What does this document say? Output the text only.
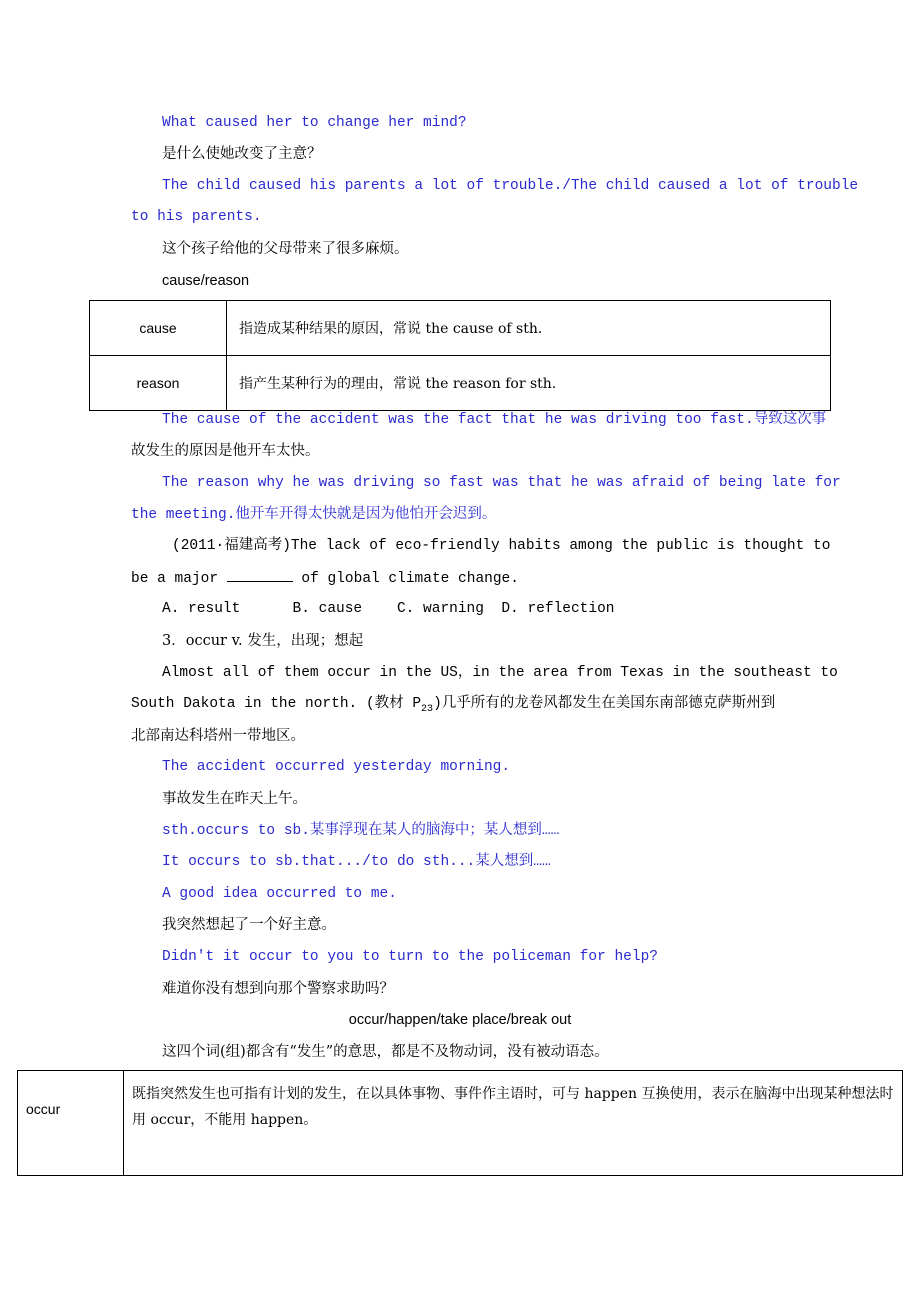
What caused her to change her mind?
是什么使她改变了主意？
The child caused his parents a lot of trouble./The child caused a lot of trouble
to his parents.
这个孩子给他的父母带来了很多麻烦。
cause/reason
cause	指造成某种结果的原因，常说 the cause of sth.
reason	指产生某种行为的理由，常说 the reason for sth.
The cause of the accident was the fact that he was driving too fast.导致这次事
故发生的原因是他开车太快。
The reason why he was driving so fast was that he was afraid of being late for
the meeting.他开车开得太快就是因为他怕开会迟到。
(2011·福建高考)The lack of eco-friendly habits among the public is thought to
be a major	of global climate change.
A. result      B. cause    C. warning  D. reflection
3．occur v. 发生，出现；想起
Almost all of them occur in the US，in the area from Texas in the southeast to
South Dakota in the north. (教材 $P_{23}$)几乎所有的龙卷风都发生在美国东南部德克萨斯州到
北部南达科塔州一带地区。
The accident occurred yesterday morning.
事故发生在昨天上午。
sth.occurs to sb.某事浮现在某人的脑海中；某人想到……
It occurs to sb.that.../to do sth...某人想到……
A good idea occurred to me.
我突然想起了一个好主意。
Didn't it occur to you to turn to the policeman for help?
难道你没有想到向那个警察求助吗？
occur/happen/take place/break out
这四个词(组)都含有“发生”的意思，都是不及物动词，没有被动语态。
occur	既指突然发生也可指有计划的发生，在以具体事物、事件作主语时，可与 happen 互换使用，表示在脑海中出现某种想法时用 occur，不能用 happen。
